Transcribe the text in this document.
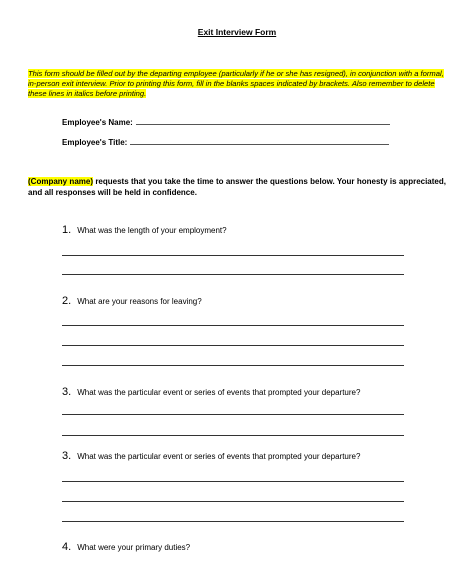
Exit Interview Form
This form should be filled out by the departing employee (particularly if he or she has resigned), in conjunction with a formal, in-person exit interview. Prior to printing this form, fill in the blanks spaces indicated by brackets. Also remember to delete these lines in italics before printing.
Employee's Name:
Employee's Title:
(Company name) requests that you take the time to answer the questions below. Your honesty is appreciated, and all responses will be held in confidence.
1. What was the length of your employment?
2. What are your reasons for leaving?
3. What was the particular event or series of events that prompted your departure?
3. What was the particular event or series of events that prompted your departure?
4. What were your primary duties?
